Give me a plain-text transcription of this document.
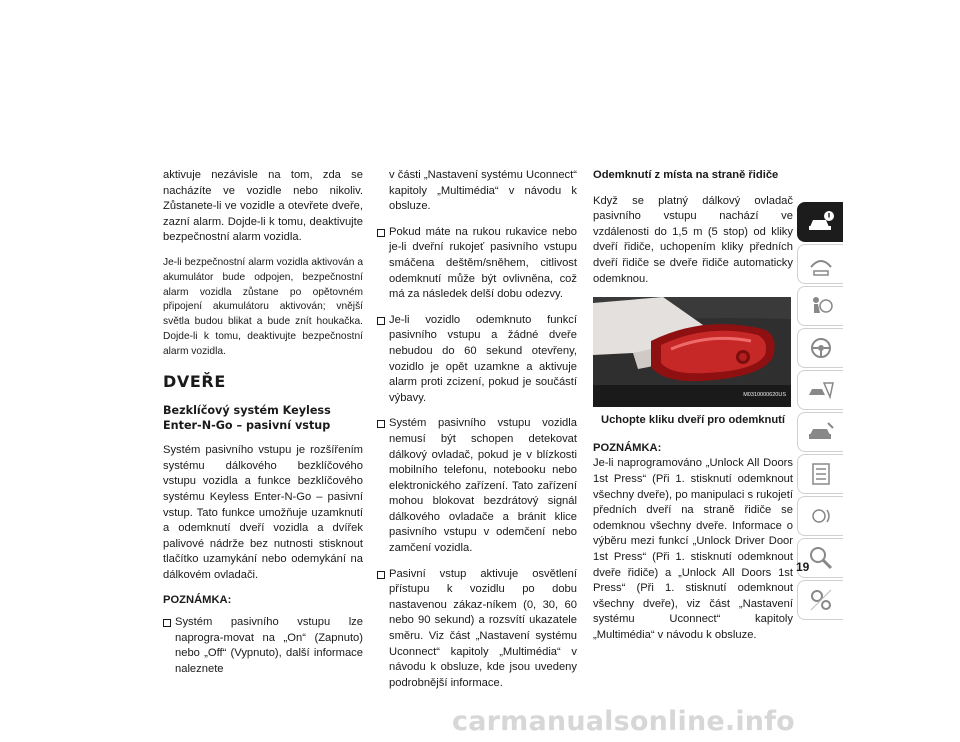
aktivuje nezávisle na tom, zda se nacházíte ve vozidle nebo nikoliv. Zůstanete-li ve vozidle a otevřete dveře, zazní alarm. Dojde-li k tomu, deaktivujte bezpečnostní alarm vozidla.

Je-li bezpečnostní alarm vozidla aktivován a akumulátor bude odpojen, bezpečnostní alarm vozidla zůstane po opětovném připojení akumulátoru aktivován; vnější světla budou blikat a bude znít houkačka. Dojde-li k tomu, deaktivujte bezpečnostní alarm vozidla.

DVEŘE
Bezklíčový systém Keyless Enter-N-Go – pasivní vstup

Systém pasivního vstupu je rozšířením systému dálkového bezklíčového vstupu vozidla a funkce bezklíčového systému Keyless Enter-N-Go – pasivní vstup. Tato funkce umožňuje uzamknutí a odemknutí dveří vozidla a dvířek palivové nádrže bez nutnosti stisknout tlačítko uzamykání nebo odemykání na dálkovém ovladači.

POZNÁMKA:
Systém pasivního vstupu lze naprogra-movat na „On“ (Zapnuto) nebo „Off“ (Vypnuto), další informace naleznete

v části „Nastavení systému Uconnect“ kapitoly „Multimédia“ v návodu k obsluze.

Pokud máte na rukou rukavice nebo je-li dveřní rukojeť pasivního vstupu smáčena deštěm/sněhem, citlivost odemknutí může být ovlivněna, což má za následek delší dobu odezvy.
Je-li vozidlo odemknuto funkcí pasivního vstupu a žádné dveře nebudou do 60 sekund otevřeny, vozidlo je opět uzamkne a aktivuje alarm proti zcizení, pokud je součástí výbavy.
Systém pasivního vstupu vozidla nemusí být schopen detekovat dálkový ovladač, pokud je v blízkosti mobilního telefonu, notebooku nebo elektronického zařízení. Tato zařízení mohou blokovat bezdrátový signál dálkového ovladače a bránit klice pasivního vstupu v odemčení nebo zamčení vozidla.
Pasivní vstup aktivuje osvětlení přístupu k vozidlu po dobu nastavenou zákaz-níkem (0, 30, 60 nebo 90 sekund) a rozsvítí ukazatele směru. Viz část „Nastavení systému Uconnect“ kapitoly „Multimédia“ v návodu k obsluze, kde jsou uvedeny podrobnější informace.
Odemknutí z místa na straně řidiče

Když se platný dálkový ovladač pasivního vstupu nachází ve vzdálenosti do 1,5 m (5 stop) od kliky dveří řidiče, uchopením kliky předních dveří řidiče se dveře řidiče automaticky odemknou.

M0310000620US
Uchopte kliku dveří pro odemknutí
POZNÁMKA:

Je-li naprogramováno „Unlock All Doors 1st Press“ (Při 1. stisknutí odemknout všechny dveře), po manipulaci s rukojetí předních dveří na straně řidiče se odemknou všechny dveře. Informace o výběru mezi funkcí „Unlock Driver Door 1st Press“ (Při 1. stisknutí odemknout dveře řidiče) a „Unlock All Doors 1st Press“ (Při 1. stisknutí odemknout všechny dveře), viz část „Nastavení systému Uconnect“ kapitoly „Multimédia“ v návodu k obsluze.

19
carmanualsonline.info
